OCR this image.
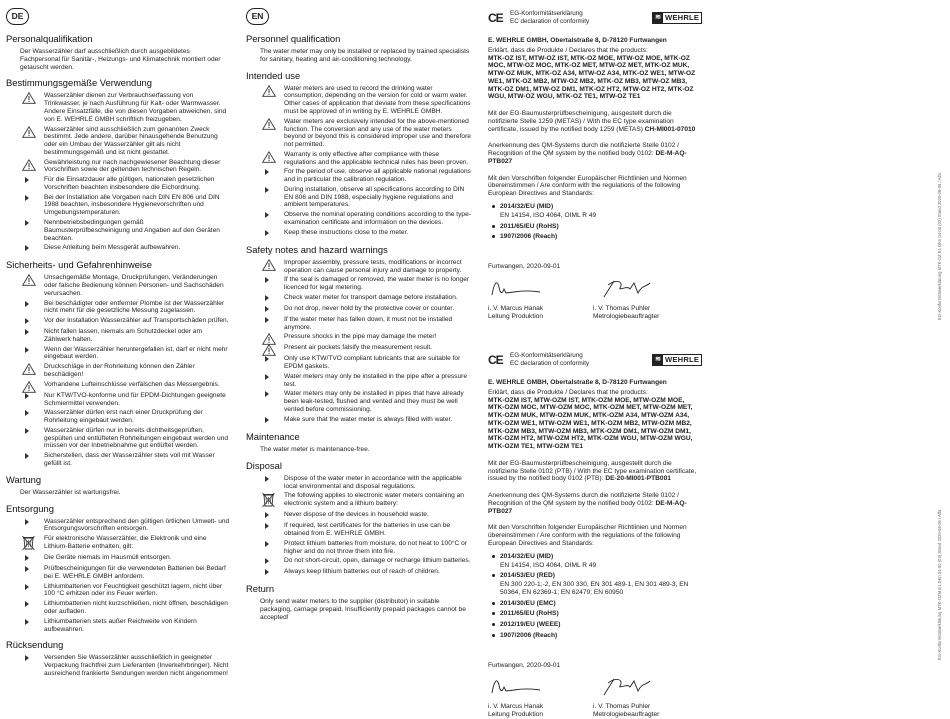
DE
Personalqualifikation
Der Wasserzähler darf ausschließlich durch ausgebildetes Fachpersonal für Sanitär-, Heizungs- und Klimatechnik montiert oder getauscht werden.
Bestimmungsgemäße Verwendung
Wasserzähler dienen zur Verbrauchserfassung von Trinkwasser, je nach Ausführung für Kalt- oder Warmwasser. Andere Einsatzfälle, die von diesen Vorgaben abweichen, sind von E. WEHRLE GMBH schriftlich freizugeben.
Wasserzähler sind ausschließlich zum genannten Zweck bestimmt. Jede andere, darüber hinausgehende Benutzung oder ein Umbau der Wasserzähler gilt als nicht bestimmungsgemäß und ist nicht gestattet.
Gewährleistung nur nach nachgewiesener Beachtung dieser Vorschriften sowie der geltenden technischen Regeln.
Für die Einsatzdauer alle gültigen, nationalen gesetzlichen Vorschriften beachten insbesondere die Eichordnung.
Bei der Installation alle Vorgaben nach DIN EN 806 und DIN 1988 beachten, insbesondere Hygienevorschriften und Umgebungstemperaturen.
Nennbetriebsbedingungen gemäß Baumusterprüfbescheinigung und Angaben auf den Geräten beachten.
Diese Anleitung beim Messgerät aufbewahren.
Sicherheits- und Gefahrenhinweise
Unsachgemäße Montage, Druckprüfungen, Veränderungen oder falsche Bedienung können Personen- und Sachschäden verursachen.
Bei beschädigter oder entfernter Plombe ist der Wasserzähler nicht mehr für die gesetzliche Messung zugelassen.
Vor der Installation Wasserzähler auf Transportschäden prüfen.
Nicht fallen lassen, niemals am Schutzdeckel oder am Zählwerk halten.
Wenn der Wasserzähler heruntergefallen ist, darf er nicht mehr eingebaut werden.
Druckschläge in der Rohrleitung können den Zähler beschädigen!
Vorhandene Lufteinschlüsse verfälschen das Messergebnis.
Nur KTW/TVO-konforme und für EPDM-Dichtungen geeignete Schmiermittel verwenden.
Wasserzähler dürfen erst nach einer Druckprüfung der Rohrleitung eingebaut werden.
Wasserzähler dürfen nur in bereits dichtheitsgeprüften, gespülten und entlüfteten Rohrleitungen eingebaut werden und müssen vor der Inbetriebnahme gut entlüftet werden.
Sicherstellen, dass der Wasserzähler stets voll mit Wasser gefüllt ist.
Wartung
Der Wasserzähler ist wartungsfrei.
Entsorgung
Wasserzähler entsprechend den gültigen örtlichen Umwelt- und Entsorgungsvorschriften entsorgen.
Für elektronische Wasserzähler, die Elektronik und eine Lithium-Batterie enthalten, gilt:
Die Geräte niemals im Hausmüll entsorgen.
Prüfbescheinigungen für die verwendeten Batterien bei Bedarf bei E. WEHRLE GMBH anfordern.
Lithiumbatterien vor Feuchtigkeit geschützt lagern, nicht über 100 °C erhitzen oder ins Feuer werfen.
Lithiumbatterien nicht kurzschließen, nicht öffnen, beschädigen oder aufladen.
Lithiumbatterien stets außer Reichweite von Kindern aufbewahren.
Rücksendung
Versenden Sie Wasserzähler ausschließlich in geeigneter Verpackung frachtfrei zum Lieferanten (Inverkehrbringer). Nicht ausreichend frankierte Sendungen werden nicht angenommen!
EN
Personnel qualification
The water meter may only be installed or replaced by trained specialists for sanitary, heating and air-conditioning technology.
Intended use
Water meters are used to record the drinking water consumption, depending on the version for cold or warm water. Other cases of application that deviate from these specifications must be approved of in writing by E. WEHRLE GMBH.
Water meters are exclusively intended for the above-mentioned function. The conversion and any use of the water meters beyond or beyond this is considered improper use and therefore not permitted.
Warranty is only effective after compliance with these regulations and the applicable technical rules has been proven.
For the period of use, observe all applicable national regulations and in particular the calibration regulation.
During installation, observe all specifications according to DIN EN 806 and DIN 1988, especially hygiene regulations and ambient temperatures.
Observe the nominal operating conditions according to the type-examination certificate and information on the devices.
Keep these instructions close to the meter.
Safety notes and hazard warnings
Improper assembly, pressure tests, modifications or incorrect operation can cause personal injury and damage to property.
If the seal is damaged or removed, the water meter is no longer licenced for legal metering.
Check water meter for transport damage before installation.
Do not drop, never hold by the protective cover or counter.
If the water meter has fallen down, it must not be installed anymore.
Pressure shocks in the pipe may damage the meter!
Present air pockets falsify the measurement result.
Only use KTW/TVO compliant lubricants that are suitable for EPDM gaskets.
Water meters may only be installed in the pipe after a pressure test.
Water meters may only be installed in pipes that have already been leak-tested, flushed and vented and they must be well vented before commissioning.
Make sure that the water meter is always filled with water.
Maintenance
The water meter is maintenance-free.
Disposal
Dispose of the water meter in accordance with the applicable local environmental and disposal regulations.
The following applies to electronic water meters containing an electronic system and a lithium battery:
Never dispose of the devices in household waste.
If required, test certificates for the batteries in use can be obtained from E. WEHRLE GMBH.
Protect lithium batteries from moisture, do not heat to 100°C or higher and do not throw them into fire.
Do not short-circuit, open, damage or recharge lithium batteries.
Always keep lithium batteries out of reach of children.
Return
Only send water meters to the supplier (distributor) in suitable packaging, carriage prepaid. Insufficiently prepaid packages cannot be accepted!
CE	EG-Konformitätserklärung
EC declaration of conformity
≋ WEHRLE
E. WEHRLE GMBH, Obertalstraße 8, D-78120 Furtwangen
Erklärt, dass die Produkte / Declares that the products:
MTK-OZ IST, MTW-OZ IST, MTK-OZ MOE, MTW-OZ MOE, MTK-OZ MOC, MTW-OZ MOC, MTK-OZ MET, MTW-OZ MET, MTK-OZ MUK, MTW-OZ MUK, MTK-OZ A34, MTW-OZ A34, MTK-OZ WE1, MTW-OZ WE1, MTK-OZ MB2, MTW-OZ MB2, MTK-OZ MB3, MTW-OZ MB3, MTK-OZ DM1, MTW-OZ DM1, MTK-OZ HT2, MTW-OZ HT2, MTK-OZ WGU, MTW-OZ WGU, MTK-OZ TE1, MTW-OZ TE1
Mit der EG-Baumusterprüfbescheinigung, ausgestellt durch die notifizierte Stelle 1259 (METAS) / With the EC type examination certificate, issued by the notified body 1259 (METAS) CH-MI001-07010
Anerkennung des QM-Systems durch die notifizierte Stelle 0102 / Recognition of the QM system by the notified body 0102: DE-M-AQ-PTB027
Mit den Vorschriften folgender Europäischer Richtlinien und Normen übereinstimmen / Are conform with the regulations of the following European Directives and Standards:
2014/32/EU (MID)
EN 14154, ISO 4064, OIML R 49
2011/65/EU (RoHS)
1907/2006 (Reach)
Furtwangen, 2020-09-01
i. V. Marcus Hanak
Leitung Produktion
i. V. Thomas Puhler
Metrologiebeauftragter
CE	EG-Konformitätserklärung
EC declaration of conformity
≋ WEHRLE
E. WEHRLE GMBH, Obertalstraße 8, D-78120 Furtwangen
Erklärt, dass die Produkte / Declares that the products:
MTK-OZM IST, MTW-OZM IST, MTK-OZM MOE, MTW-OZM MOE, MTK-OZM MOC, MTW-OZM MOC, MTK-OZM MET, MTW-OZM MET, MTK-OZM MUK, MTW-OZM MUK, MTK-OZM A34, MTW-OZM A34, MTK-OZM WE1, MTW-OZM WE1, MTK-OZM MB2, MTW-OZM MB2, MTK-OZM MB3, MTW-OZM MB3, MTK-OZM DM1, MTW-OZM DM1, MTK-OZM HT2, MTW-OZM HT2, MTK-OZM WGU, MTW-OZM WGU, MTK-OZM TE1, MTW-OZM TE1
Mit der EG-Baumusterprüfbescheinigung, ausgestellt durch die notifizierte Stelle 0102 (PTB) / With the EC type examination certificate, issued by the notified body 0102 (PTB): DE-20-MI001-PTB001
Anerkennung des QM-Systems durch die notifizierte Stelle 0102 / Recognition of the QM system by the notified body 0102: DE-M-AQ-PTB027
Mit den Vorschriften folgender Europäischer Richtlinien und Normen übereinstimmen / Are conform with the regulations of the following European Directives and Standards:
2014/32/EU (MID)
EN 14154, ISO 4064, OIML R 49
2014/53/EU (RED)
EN 300 220-1;-2, EN 300 330, EN 301 489-1, EN 301 489-3, EN 50364, EN 62369-1; EN 62479; EN 60950
2014/30/EU (EMC)
2011/65/EU (RoHS)
2012/19/EU (WEEE)
1907/2006 (Reach)
Furtwangen, 2020-09-01
i. V. Marcus Hanak
Leitung Produktion
i. V. Thomas Puhler
Metrologiebeauftragter
EG-Konformitätserklärung MTK-OZ E1 DKn 04-00 (02) Stand 2020-08-05 / Alfa
EG-Konformitätserklärung MTK-OZM E1 DKn 04-00 (03) Stand 2020-08-05 / Alfa
